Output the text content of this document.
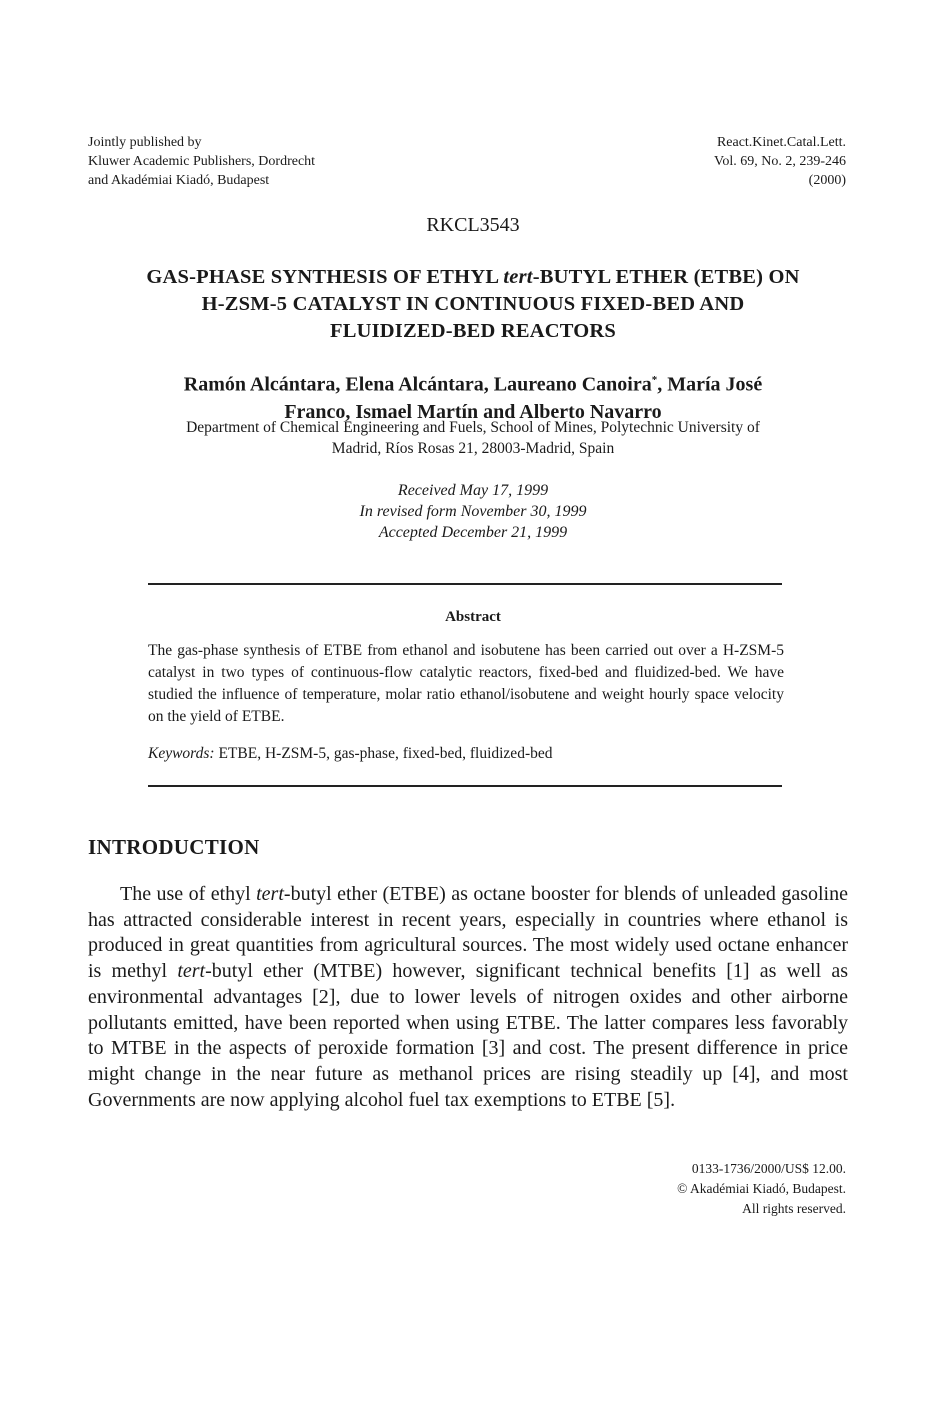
Jointly published by
Kluwer Academic Publishers, Dordrecht
and Akadémiai Kiadó, Budapest
React.Kinet.Catal.Lett.
Vol. 69, No. 2, 239-246
(2000)
RKCL3543
GAS-PHASE SYNTHESIS OF ETHYL tert-BUTYL ETHER (ETBE) ON
H-ZSM-5 CATALYST IN CONTINUOUS FIXED-BED AND
FLUIDIZED-BED REACTORS
Ramón Alcántara, Elena Alcántara, Laureano Canoira*, María José
Franco, Ismael Martín and Alberto Navarro
Department of Chemical Engineering and Fuels, School of Mines, Polytechnic University of
Madrid, Ríos Rosas 21, 28003-Madrid, Spain
Received May 17, 1999
In revised form November 30, 1999
Accepted December 21, 1999
Abstract
The gas-phase synthesis of ETBE from ethanol and isobutene has been carried out over a H-ZSM-5 catalyst in two types of continuous-flow catalytic reactors, fixed-bed and fluidized-bed. We have studied the influence of temperature, molar ratio ethanol/isobutene and weight hourly space velocity on the yield of ETBE.
Keywords: ETBE, H-ZSM-5, gas-phase, fixed-bed, fluidized-bed
INTRODUCTION
The use of ethyl tert-butyl ether (ETBE) as octane booster for blends of unleaded gasoline has attracted considerable interest in recent years, especially in countries where ethanol is produced in great quantities from agricultural sources. The most widely used octane enhancer is methyl tert-butyl ether (MTBE) however, significant technical benefits [1] as well as environmental advantages [2], due to lower levels of nitrogen oxides and other airborne pollutants emitted, have been reported when using ETBE. The latter compares less favorably to MTBE in the aspects of peroxide formation [3] and cost. The present difference in price might change in the near future as methanol prices are rising steadily up [4], and most Governments are now applying alcohol fuel tax exemptions to ETBE [5].
0133-1736/2000/US$ 12.00.
© Akadémiai Kiadó, Budapest.
All rights reserved.
